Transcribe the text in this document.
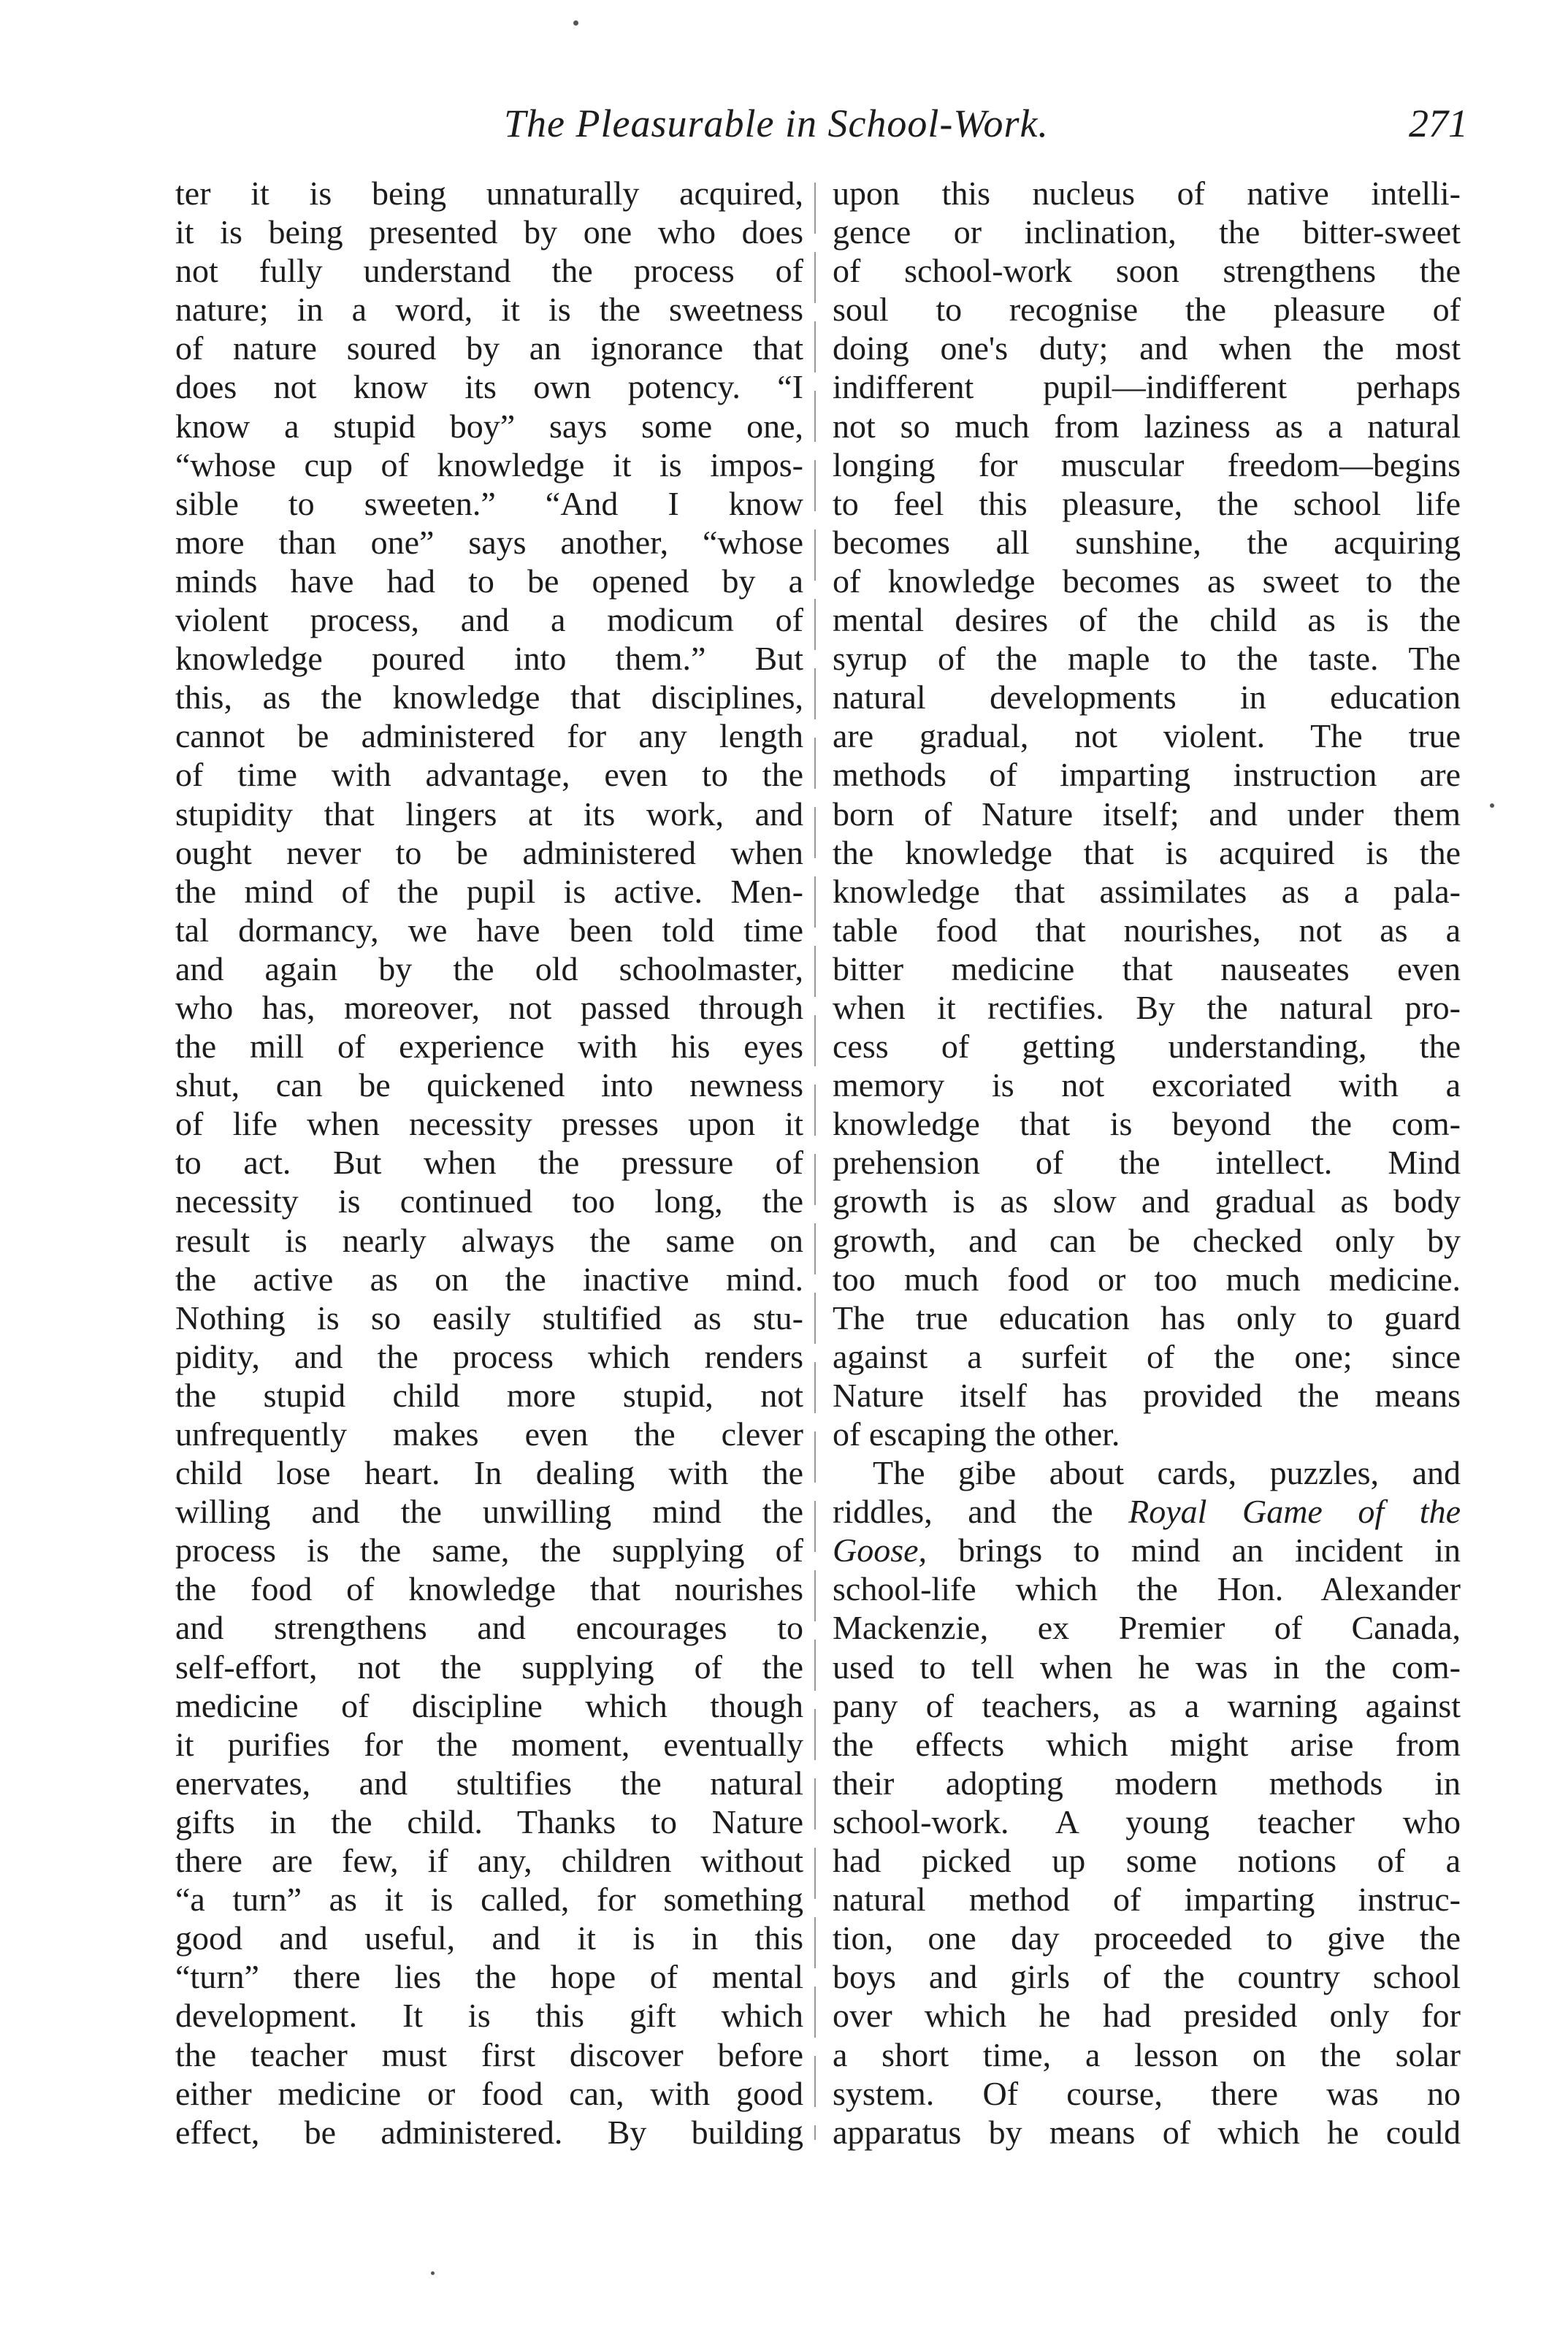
The Pleasurable in School-Work.	271
ter it is being unnaturally acquired,
it is being presented by one who does
not fully understand the process of
nature; in a word, it is the sweetness
of nature soured by an ignorance that
does not know its own potency. “I
know a stupid boy” says some one,
“whose cup of knowledge it is impos-
sible to sweeten.” “And I know
more than one” says another, “whose
minds have had to be opened by a
violent process, and a modicum of
knowledge poured into them.” But
this, as the knowledge that disciplines,
cannot be administered for any length
of time with advantage, even to the
stupidity that lingers at its work, and
ought never to be administered when
the mind of the pupil is active. Men-
tal dormancy, we have been told time
and again by the old schoolmaster,
who has, moreover, not passed through
the mill of experience with his eyes
shut, can be quickened into newness
of life when necessity presses upon it
to act. But when the pressure of
necessity is continued too long, the
result is nearly always the same on
the active as on the inactive mind.
Nothing is so easily stultified as stu-
pidity, and the process which renders
the stupid child more stupid, not
unfrequently makes even the clever
child lose heart. In dealing with the
willing and the unwilling mind the
process is the same, the supplying of
the food of knowledge that nourishes
and strengthens and encourages to
self-effort, not the supplying of the
medicine of discipline which though
it purifies for the moment, eventually
enervates, and stultifies the natural
gifts in the child. Thanks to Nature
there are few, if any, children without
“a turn” as it is called, for something
good and useful, and it is in this
“turn” there lies the hope of mental
development. It is this gift which
the teacher must first discover before
either medicine or food can, with good
effect, be administered. By building
upon this nucleus of native intelli-
gence or inclination, the bitter-sweet
of school-work soon strengthens the
soul to recognise the pleasure of
doing one's duty; and when the most
indifferent pupil—indifferent perhaps
not so much from laziness as a natural
longing for muscular freedom—begins
to feel this pleasure, the school life
becomes all sunshine, the acquiring
of knowledge becomes as sweet to the
mental desires of the child as is the
syrup of the maple to the taste. The
natural developments in education
are gradual, not violent. The true
methods of imparting instruction are
born of Nature itself; and under them
the knowledge that is acquired is the
knowledge that assimilates as a pala-
table food that nourishes, not as a
bitter medicine that nauseates even
when it rectifies. By the natural pro-
cess of getting understanding, the
memory is not excoriated with a
knowledge that is beyond the com-
prehension of the intellect. Mind
growth is as slow and gradual as body
growth, and can be checked only by
too much food or too much medicine.
The true education has only to guard
against a surfeit of the one; since
Nature itself has provided the means
of escaping the other.
The gibe about cards, puzzles, and
riddles, and the Royal Game of the
Goose, brings to mind an incident in
school-life which the Hon. Alexander
Mackenzie, ex Premier of Canada,
used to tell when he was in the com-
pany of teachers, as a warning against
the effects which might arise from
their adopting modern methods in
school-work. A young teacher who
had picked up some notions of a
natural method of imparting instruc-
tion, one day proceeded to give the
boys and girls of the country school
over which he had presided only for
a short time, a lesson on the solar
system. Of course, there was no
apparatus by means of which he could
